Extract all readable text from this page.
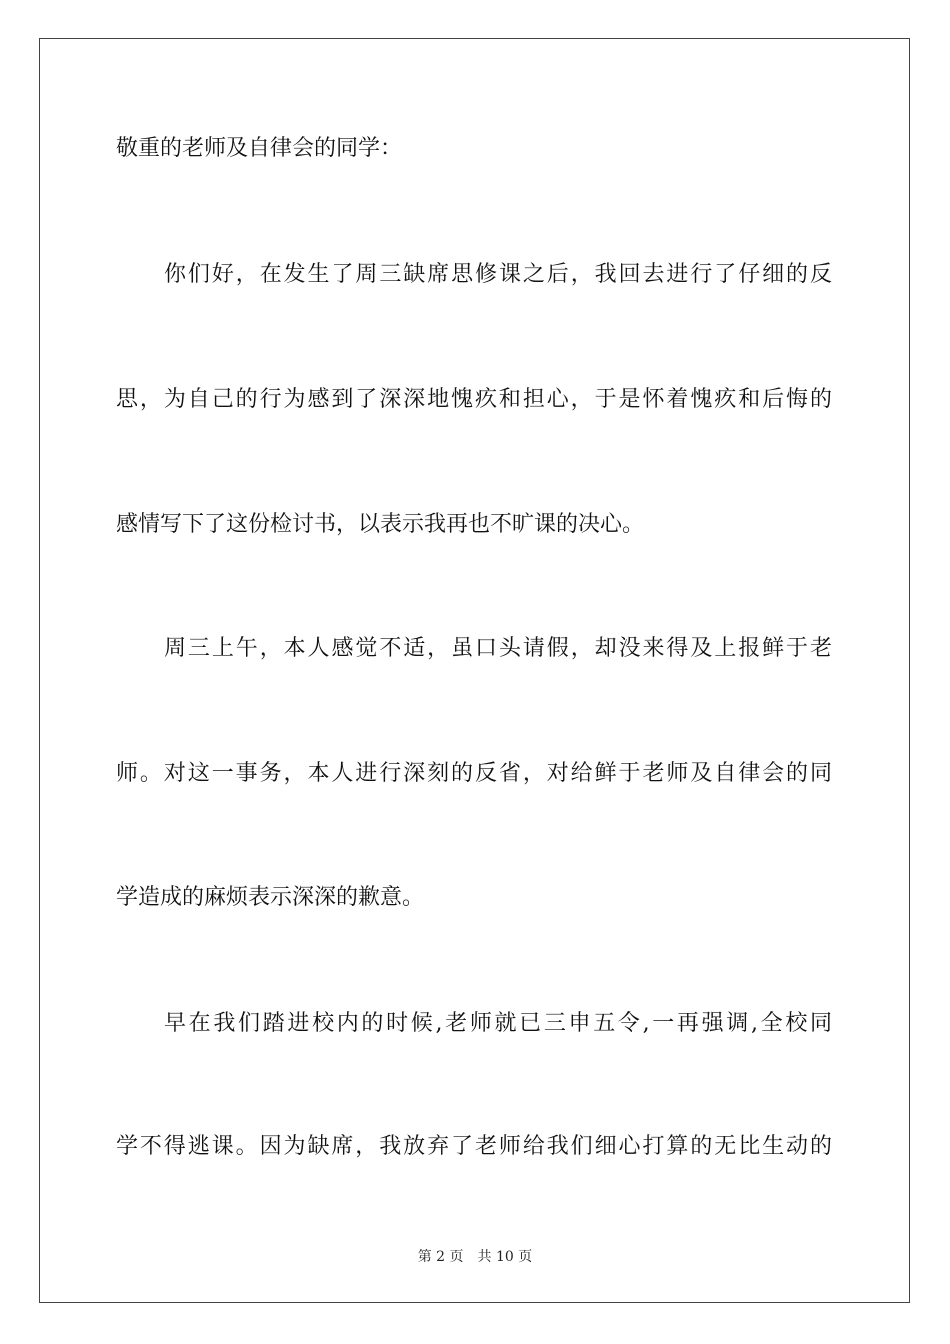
敬重的老师及自律会的同学：
你们好，在发生了周三缺席思修课之后，我回去进行了仔细的反
思，为自己的行为感到了深深地愧疚和担心，于是怀着愧疚和后悔的
感情写下了这份检讨书，以表示我再也不旷课的决心。
周三上午，本人感觉不适，虽口头请假，却没来得及上报鲜于老
师。对这一事务，本人进行深刻的反省，对给鲜于老师及自律会的同
学造成的麻烦表示深深的歉意。
早在我们踏进校内的时候,老师就已三申五令,一再强调,全校同
学不得逃课。因为缺席，我放弃了老师给我们细心打算的无比生动的
第 2 页 共 10 页
